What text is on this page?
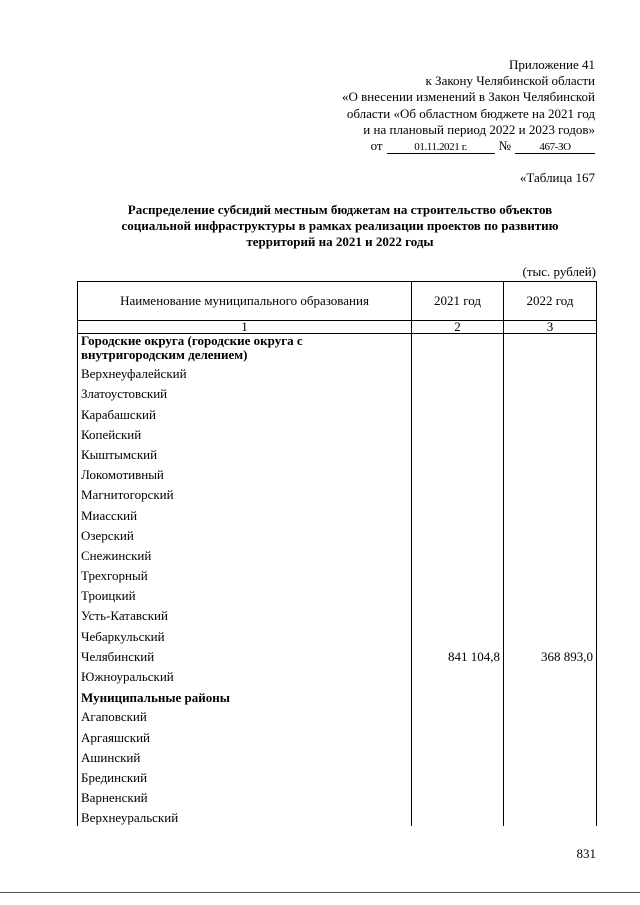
Приложение 41
к Закону Челябинской области
«О внесении изменений в Закон Челябинской
области «Об областном бюджете на 2021 год
и на плановый период 2022 и 2023 годов»
от	01.11.2021 г.	№	467-ЗО
«Таблица 167
Распределение субсидий местным бюджетам на строительство объектов
социальной инфраструктуры в рамках реализации проектов по развитию
территорий на 2021 и 2022 годы
(тыс. рублей)
Наименование муниципального образования	2021 год	2022 год
1	2	3
Городские округа (городские округа с внутригородским делением)		
Верхнеуфалейский		
Златоустовский		
Карабашский		
Копейский		
Кыштымский		
Локомотивный		
Магнитогорский		
Миасский		
Озерский		
Снежинский		
Трехгорный		
Троицкий		
Усть-Катавский		
Чебаркульский		
Челябинский	841 104,8	368 893,0
Южноуральский		
Муниципальные районы		
Агаповский		
Аргаяшский		
Ашинский		
Брединский		
Варненский		
Верхнеуральский		
831
